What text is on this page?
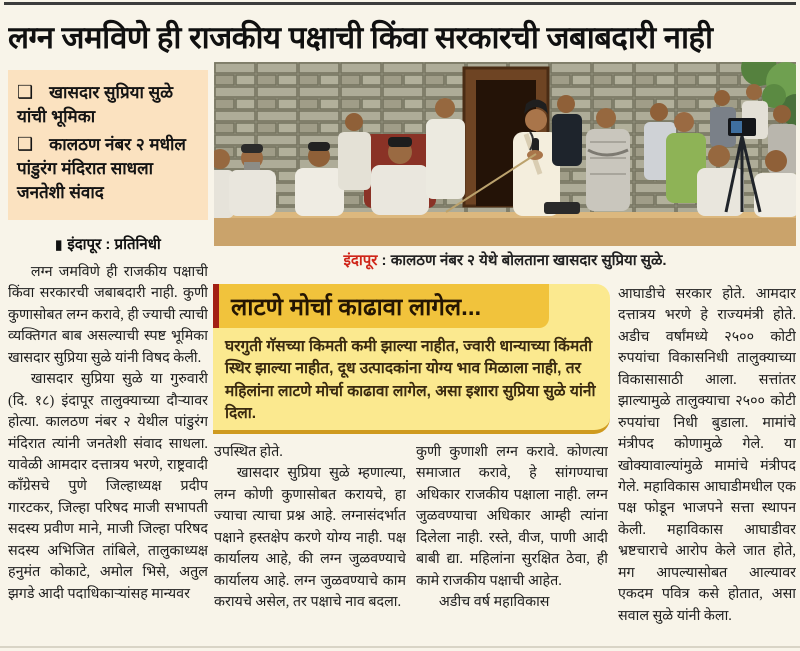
लग्न जमविणे ही राजकीय पक्षाची किंवा सरकारची जबाबदारी नाही
❑ खासदार सुप्रिया सुळे यांची भूमिका
❑ कालठण नंबर २ मधील पांडुरंग मंदिरात साधला जनतेशी संवाद
▮ इंदापूर : प्रतिनिधी

लग्न जमविणे ही राजकीय पक्षाची किंवा सरकारची जबाबदारी नाही. कुणी कुणासोबत लग्न करावे, ही ज्याची त्याची व्यक्तिगत बाब असल्याची स्पष्ट भूमिका खासदार सुप्रिया सुळे यांनी विषद केली.

खासदार सुप्रिया सुळे या गुरुवारी (दि. १८) इंदापूर तालुक्याच्या दौऱ्यावर होत्या. कालठण नंबर २ येथील पांडुरंग मंदिरात त्यांनी जनतेशी संवाद साधला. यावेळी आमदार दत्तात्रय भरणे, राष्ट्रवादी काँग्रेसचे पुणे जिल्हाध्यक्ष प्रदीप गारटकर, जिल्हा परिषद माजी सभापती सदस्य प्रवीण माने, माजी जिल्हा परिषद सदस्य अभिजित तांबिले, तालुकाध्यक्ष हनुमंत कोकाटे, अमोल भिसे, अतुल झगडे आदी पदाधिकाऱ्यांसह मान्यवर

इंदापूर : कालठण नंबर २ येथे बोलताना खासदार सुप्रिया सुळे.
लाटणे मोर्चा काढावा लागेल...
घरगुती गॅसच्या किमती कमी झाल्या नाहीत, ज्वारी धान्याच्या किंमती स्थिर झाल्या नाहीत, दूध उत्पादकांना योग्य भाव मिळाला नाही, तर महिलांना लाटणे मोर्चा काढावा लागेल, असा इशारा सुप्रिया सुळे यांनी दिला.

उपस्थित होते.

खासदार सुप्रिया सुळे म्हणाल्या, लग्न कोणी कुणासोबत करायचे, हा ज्याचा त्याचा प्रश्न आहे. लग्नासंदर्भात पक्षाने हस्तक्षेप करणे योग्य नाही. पक्ष कार्यालय आहे, की लग्न जुळवण्याचे कार्यालय आहे. लग्न जुळवण्याचे काम करायचे असेल, तर पक्षाचे नाव बदला.

कुणी कुणाशी लग्न करावे. कोणत्या समाजात करावे, हे सांगण्याचा अधिकार राजकीय पक्षाला नाही. लग्न जुळवण्याचा अधिकार आम्ही त्यांना दिलेला नाही. रस्ते, वीज, पाणी आदी बाबी द्या. महिलांना सुरक्षित ठेवा, ही कामे राजकीय पक्षाची आहेत.

अडीच वर्ष महाविकास

आघाडीचे सरकार होते. आमदार दत्तात्रय भरणे हे राज्यमंत्री होते. अडीच वर्षांमध्ये २५०० कोटी रुपयांचा विकासनिधी तालुक्याच्या विकासासाठी आला. सत्तांतर झाल्यामुळे तालुक्याचा २५०० कोटी रुपयांचा निधी बुडाला. मामांचे मंत्रीपद कोणामुळे गेले. या खोक्यावाल्यांमुळे मामांचे मंत्रीपद गेले. महाविकास आघाडीमधील एक पक्ष फोडून भाजपने सत्ता स्थापन केली. महाविकास आघाडीवर भ्रष्टचाराचे आरोप केले जात होते, मग आपल्यासोबत आल्यावर एकदम पवित्र कसे होतात, असा सवाल सुळे यांनी केला.
